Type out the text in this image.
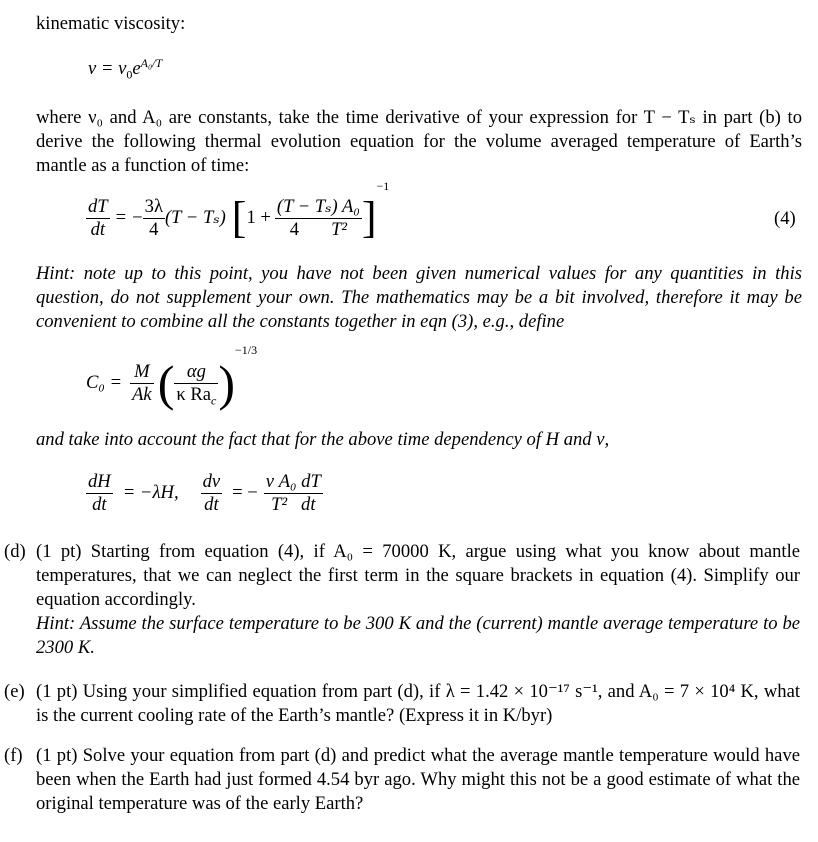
kinematic viscosity:
$\nu = \nu_0e^{A_0/T}$
where ν₀ and A₀ are constants, take the time derivative of your expression for T − Tₛ in part (b) to derive the following thermal evolution equation for the volume averaged temperature of Earth’s mantle as a function of time:
$\frac{dT}{dt}$ = − $\frac{3\lambda}{4} (T - T_s)$ [ $1 + \frac{\text{(T − Tₛ) A₀}}{\text{4 T²}}$ ]
−1
(4)
Hint: note up to this point, you have not been given numerical values for any quantities in this question, do not supplement your own. The mathematics may be a bit involved, therefore it may be convenient to combine all the constants together in eqn (3), e.g., define
$C_0 = \frac{M}{Ak}$ ( $\frac{\alpha g}{\kappa Ra_c}$ )
−1/3
and take into account the fact that for the above time dependency of H and ν,
$\frac{dH}{dt} = -\lambda H$, $\frac{d\nu}{dt}$ = − $\frac{\text{ν A₀ dT}}{\text{T² dt}}$
(d) (1 pt) Starting from equation (4), if A₀ = 70000 K, argue using what you know about mantle temperatures, that we can neglect the first term in the square brackets in equation (4). Simplify our equation accordingly.
Hint: Assume the surface temperature to be 300 K and the (current) mantle average temperature to be 2300 K.
(e) (1 pt) Using your simplified equation from part (d), if λ = 1.42 × 10⁻¹⁷ s⁻¹, and A₀ = 7 × 10⁴ K, what is the current cooling rate of the Earth’s mantle? (Express it in K/byr)
(f) (1 pt) Solve your equation from part (d) and predict what the average mantle temperature would have been when the Earth had just formed 4.54 byr ago. Why might this not be a good estimate of what the original temperature was of the early Earth?
